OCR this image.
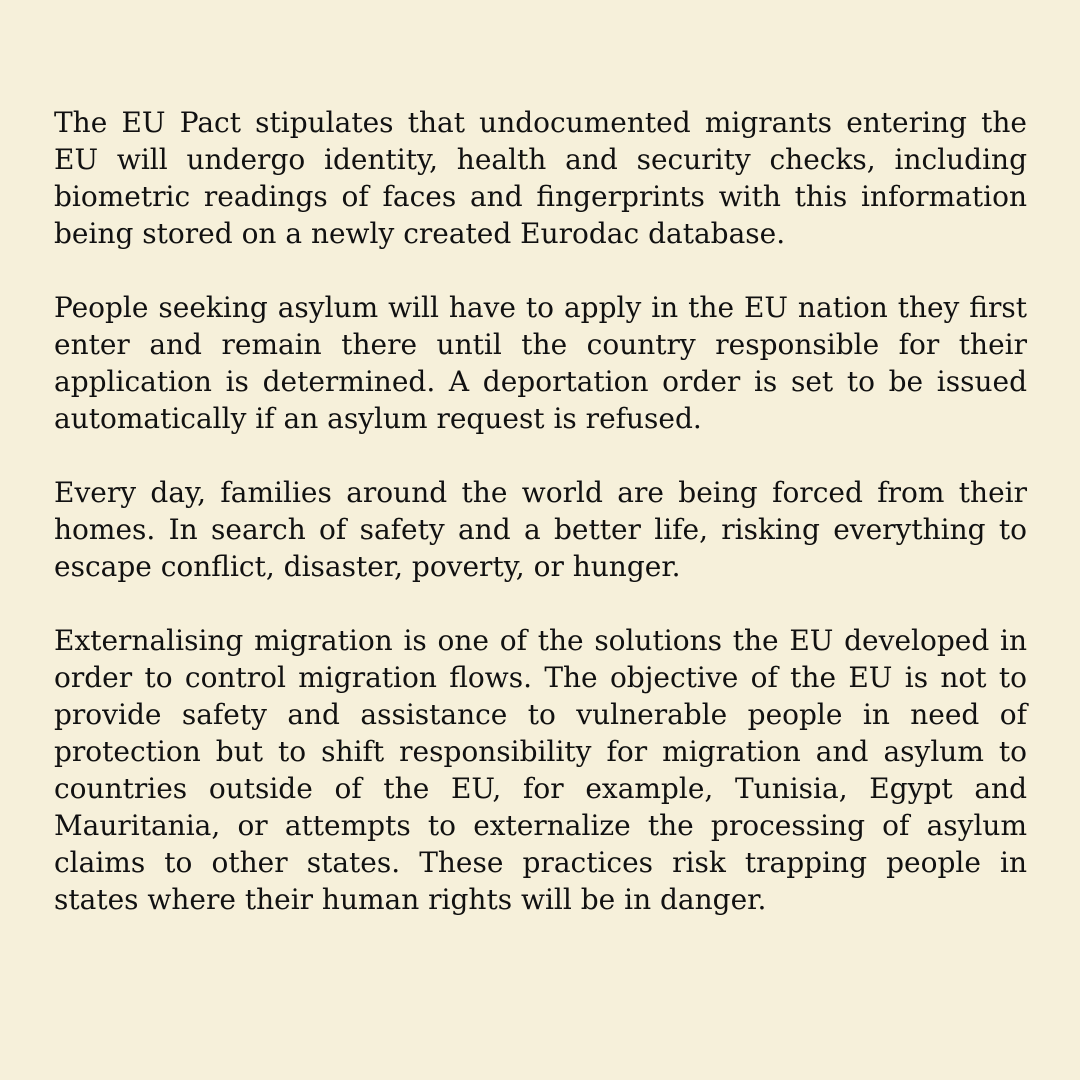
The EU Pact stipulates that undocumented migrants entering the EU will undergo identity, health and security checks, including biometric readings of faces and fingerprints with this information being stored on a newly created Eurodac database.

People seeking asylum will have to apply in the EU nation they first enter and remain there until the country responsible for their application is determined. A deportation order is set to be issued automatically if an asylum request is refused.

Every day, families around the world are being forced from their homes. In search of safety and a better life, risking everything to escape conflict, disaster, poverty, or hunger.

Externalising migration is one of the solutions the EU developed in order to control migration flows. The objective of the EU is not to provide safety and assistance to vulnerable people in need of protection but to shift responsibility for migration and asylum to countries outside of the EU, for example, Tunisia, Egypt and Mauritania, or attempts to externalize the processing of asylum claims to other states. These practices risk trapping people in states where their human rights will be in danger.
